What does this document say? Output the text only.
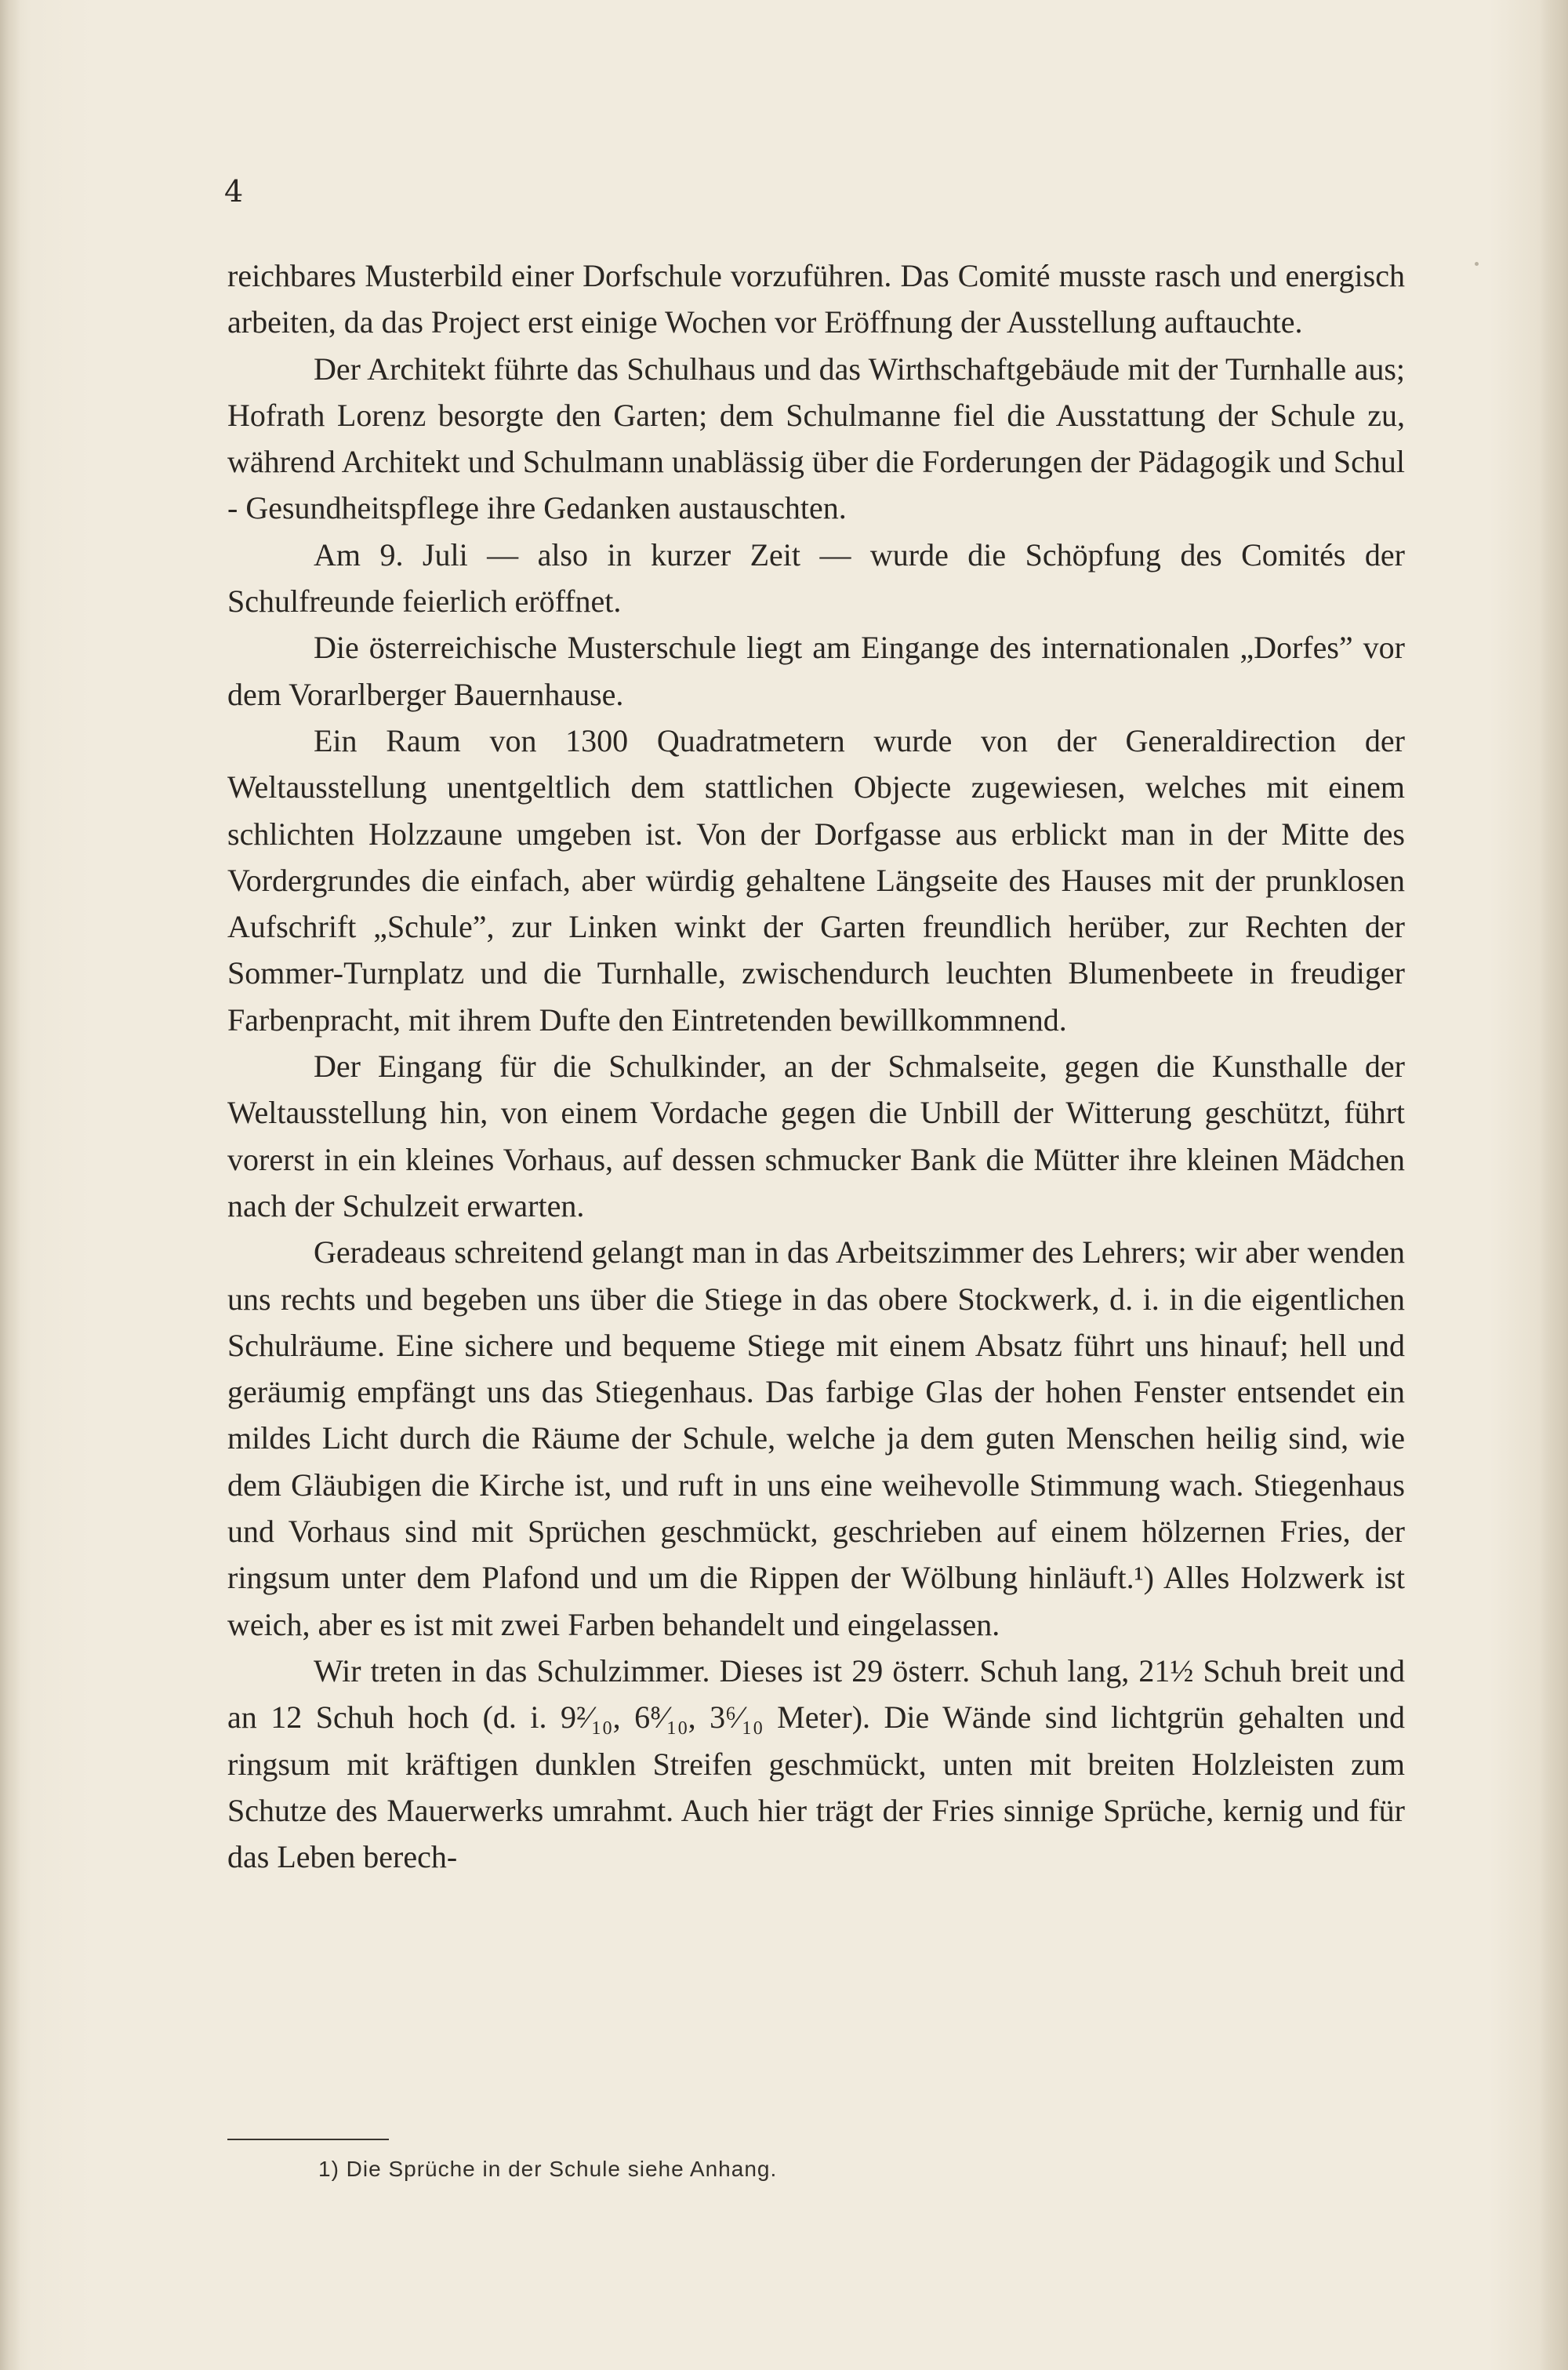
4

reichbares Musterbild einer Dorfschule vorzuführen. Das Comité musste rasch und energisch arbeiten, da das Project erst einige Wochen vor Eröffnung der Ausstellung auftauchte.

Der Architekt führte das Schulhaus und das Wirthschaftgebäude mit der Turnhalle aus; Hofrath Lorenz besorgte den Garten; dem Schulmanne fiel die Ausstattung der Schule zu, während Architekt und Schulmann unablässig über die Forderungen der Pädagogik und Schul - Gesundheitspflege ihre Gedanken austauschten.

Am 9. Juli — also in kurzer Zeit — wurde die Schöpfung des Comités der Schulfreunde feierlich eröffnet.

Die österreichische Musterschule liegt am Eingange des internationalen „Dorfes” vor dem Vorarlberger Bauernhause.

Ein Raum von 1300 Quadratmetern wurde von der Generaldirection der Weltausstellung unentgeltlich dem stattlichen Objecte zugewiesen, welches mit einem schlichten Holzzaune umgeben ist. Von der Dorfgasse aus erblickt man in der Mitte des Vordergrundes die einfach, aber würdig gehaltene Längseite des Hauses mit der prunklosen Aufschrift „Schule”, zur Linken winkt der Garten freundlich herüber, zur Rechten der Sommer-Turnplatz und die Turnhalle, zwischendurch leuchten Blumenbeete in freudiger Farbenpracht, mit ihrem Dufte den Eintretenden bewillkommnend.

Der Eingang für die Schulkinder, an der Schmalseite, gegen die Kunsthalle der Weltausstellung hin, von einem Vordache gegen die Unbill der Witterung geschützt, führt vorerst in ein kleines Vorhaus, auf dessen schmucker Bank die Mütter ihre kleinen Mädchen nach der Schulzeit erwarten.

Geradeaus schreitend gelangt man in das Arbeitszimmer des Lehrers; wir aber wenden uns rechts und begeben uns über die Stiege in das obere Stockwerk, d. i. in die eigentlichen Schulräume. Eine sichere und bequeme Stiege mit einem Absatz führt uns hinauf; hell und geräumig empfängt uns das Stiegenhaus. Das farbige Glas der hohen Fenster entsendet ein mildes Licht durch die Räume der Schule, welche ja dem guten Menschen heilig sind, wie dem Gläubigen die Kirche ist, und ruft in uns eine weihevolle Stimmung wach. Stiegenhaus und Vorhaus sind mit Sprüchen geschmückt, geschrieben auf einem hölzernen Fries, der ringsum unter dem Plafond und um die Rippen der Wölbung hinläuft.¹) Alles Holzwerk ist weich, aber es ist mit zwei Farben behandelt und eingelassen.

Wir treten in das Schulzimmer. Dieses ist 29 österr. Schuh lang, 21½ Schuh breit und an 12 Schuh hoch (d. i. 9²⁄₁₀, 6⁸⁄₁₀, 3⁶⁄₁₀ Meter). Die Wände sind lichtgrün gehalten und ringsum mit kräftigen dunklen Streifen geschmückt, unten mit breiten Holzleisten zum Schutze des Mauerwerks umrahmt. Auch hier trägt der Fries sinnige Sprüche, kernig und für das Leben berech-

1) Die Sprüche in der Schule siehe Anhang.
